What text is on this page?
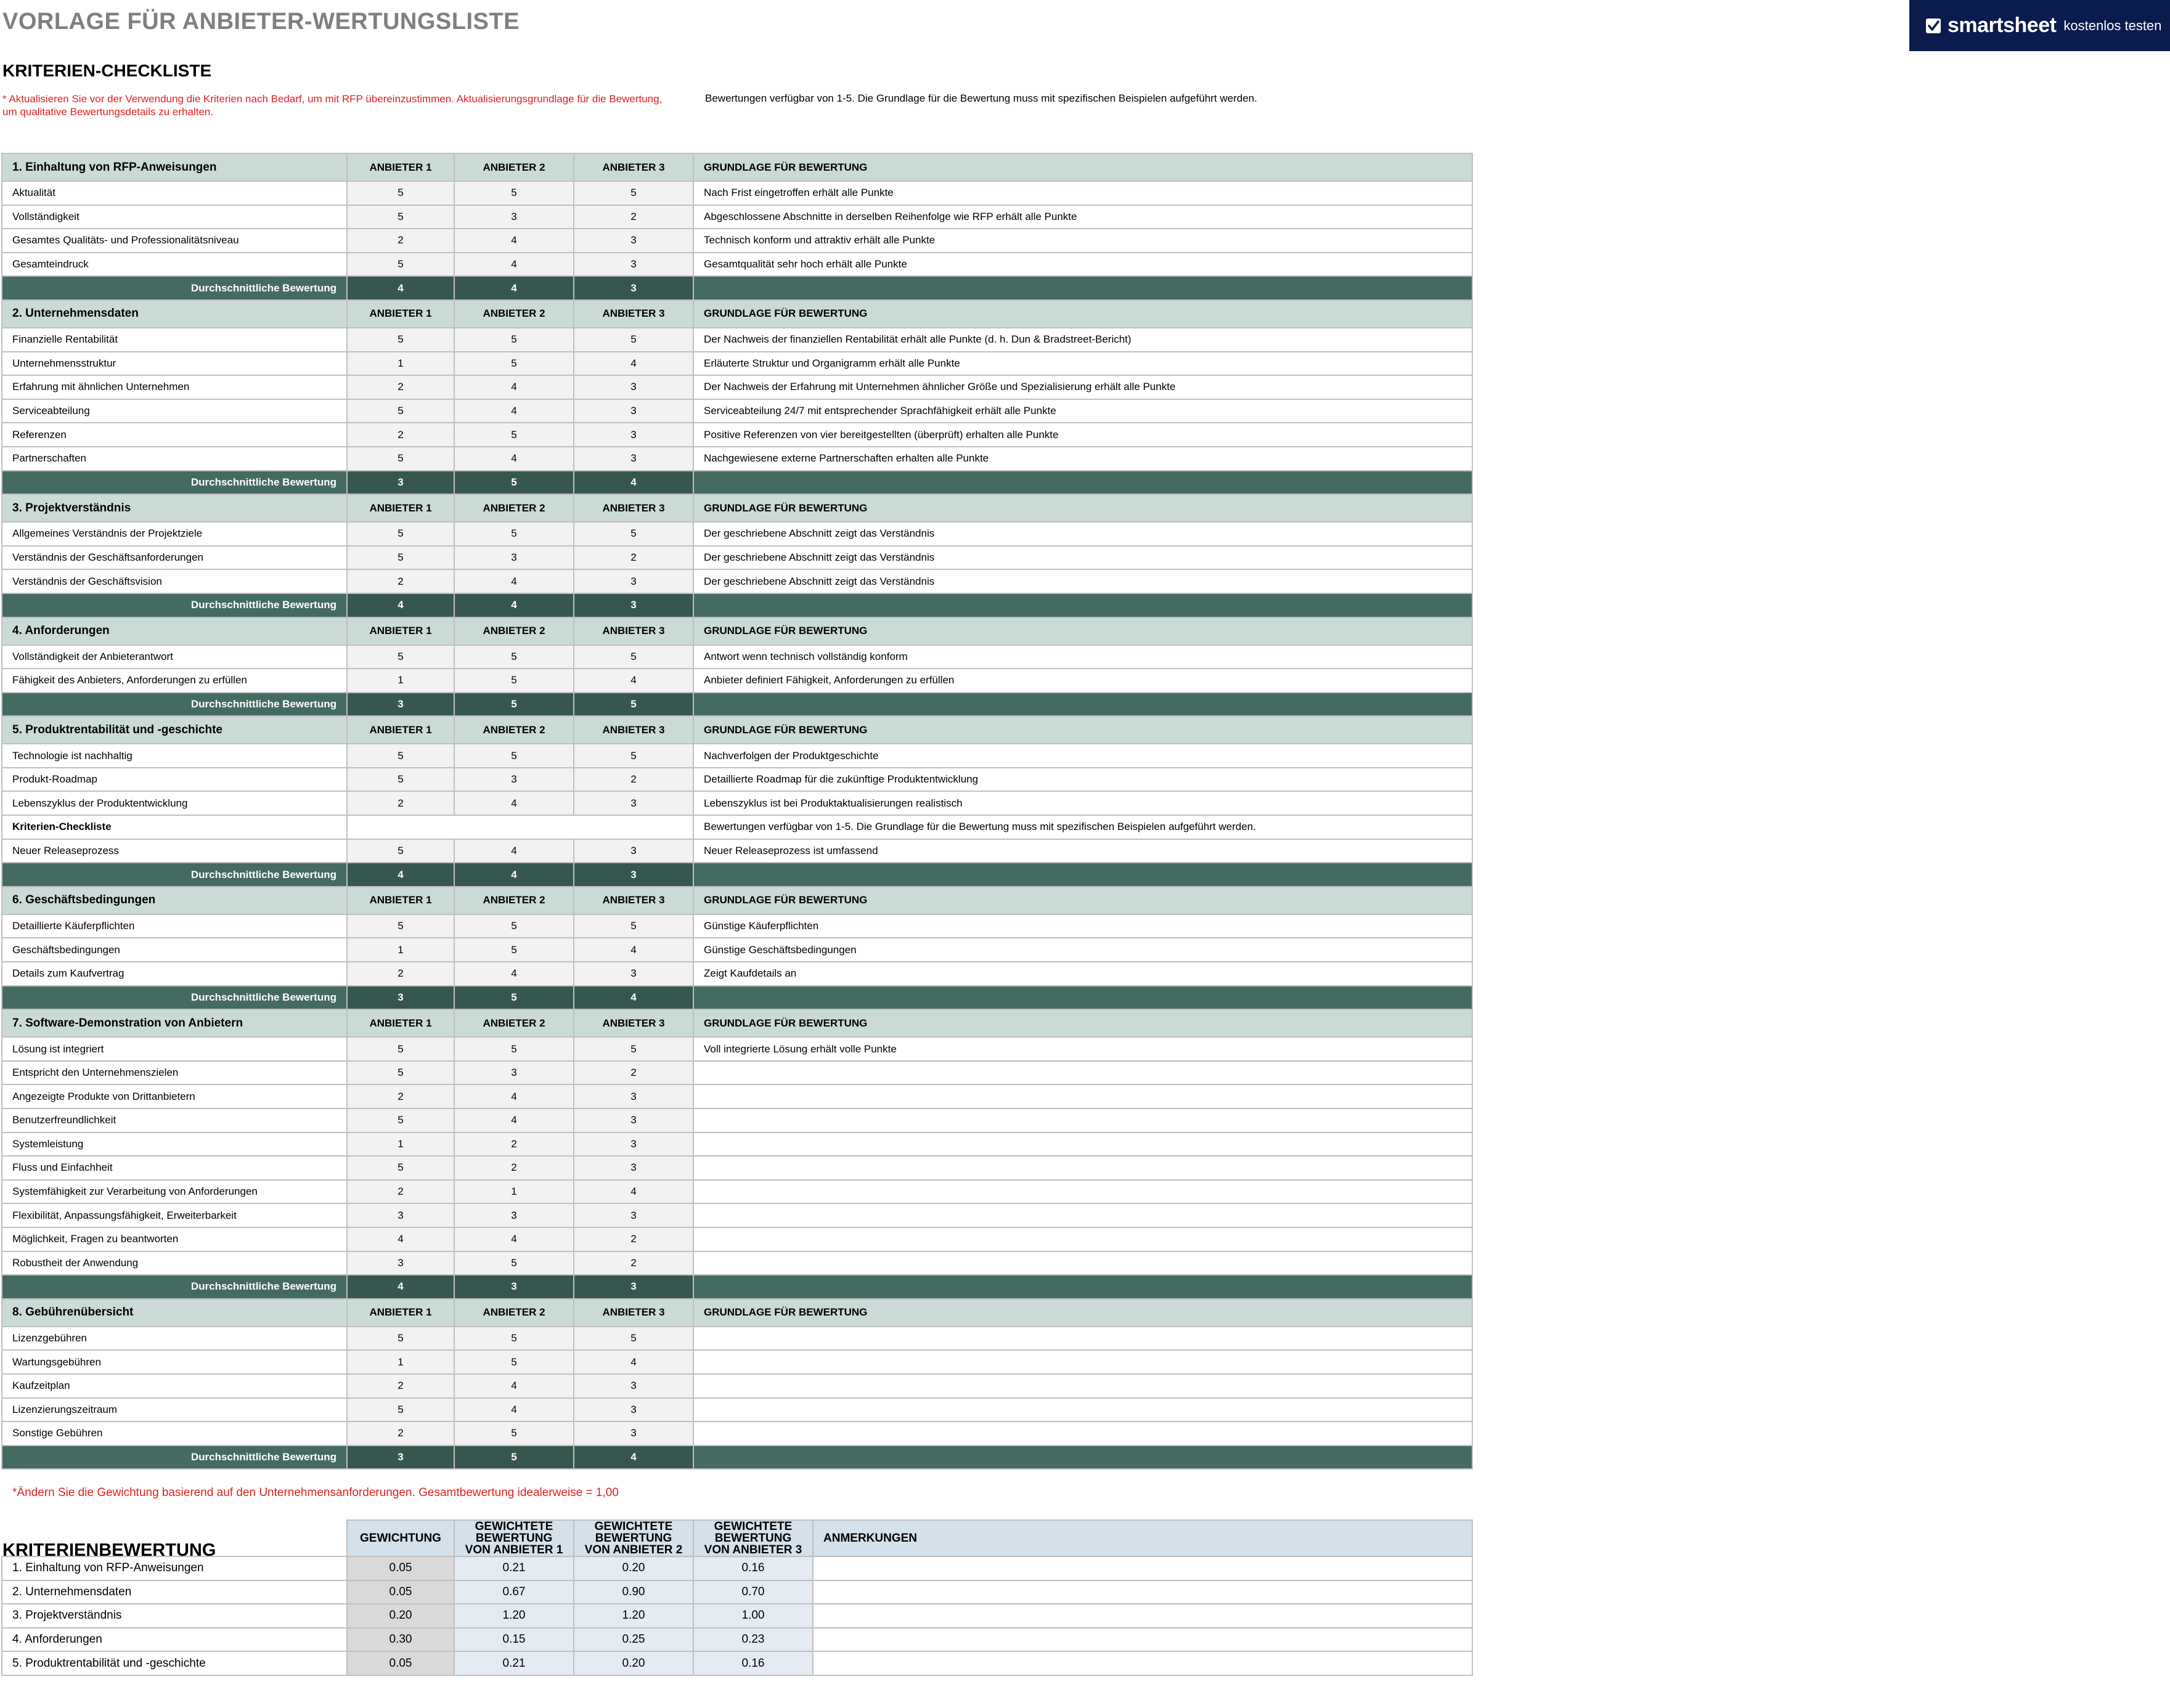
VORLAGE FÜR ANBIETER-WERTUNGSLISTE	smartsheet kostenlos testen
KRITERIEN-CHECKLISTE
* Aktualisieren Sie vor der Verwendung die Kriterien nach Bedarf, um mit RFP übereinzustimmen. Aktualisierungsgrundlage für die Bewertung, um qualitative Bewertungsdetails zu erhalten.
Bewertungen verfügbar von 1-5. Die Grundlage für die Bewertung muss mit spezifischen Beispielen aufgeführt werden.
1. Einhaltung von RFP-Anweisungen	ANBIETER 1	ANBIETER 2	ANBIETER 3	GRUNDLAGE FÜR BEWERTUNG
Aktualität	5	5	5	Nach Frist eingetroffen erhält alle Punkte
Vollständigkeit	5	3	2	Abgeschlossene Abschnitte in derselben Reihenfolge wie RFP erhält alle Punkte
Gesamtes Qualitäts- und Professionalitätsniveau	2	4	3	Technisch konform und attraktiv erhält alle Punkte
Gesamteindruck	5	4	3	Gesamtqualität sehr hoch erhält alle Punkte
Durchschnittliche Bewertung	4	4	3	
2. Unternehmensdaten	ANBIETER 1	ANBIETER 2	ANBIETER 3	GRUNDLAGE FÜR BEWERTUNG
Finanzielle Rentabilität	5	5	5	Der Nachweis der finanziellen Rentabilität erhält alle Punkte (d. h. Dun & Bradstreet-Bericht)
Unternehmensstruktur	1	5	4	Erläuterte Struktur und Organigramm erhält alle Punkte
Erfahrung mit ähnlichen Unternehmen	2	4	3	Der Nachweis der Erfahrung mit Unternehmen ähnlicher Größe und Spezialisierung erhält alle Punkte
Serviceabteilung	5	4	3	Serviceabteilung 24/7 mit entsprechender Sprachfähigkeit erhält alle Punkte
Referenzen	2	5	3	Positive Referenzen von vier bereitgestellten (überprüft) erhalten alle Punkte
Partnerschaften	5	4	3	Nachgewiesene externe Partnerschaften erhalten alle Punkte
Durchschnittliche Bewertung	3	5	4	
3. Projektverständnis	ANBIETER 1	ANBIETER 2	ANBIETER 3	GRUNDLAGE FÜR BEWERTUNG
Allgemeines Verständnis der Projektziele	5	5	5	Der geschriebene Abschnitt zeigt das Verständnis
Verständnis der Geschäftsanforderungen	5	3	2	Der geschriebene Abschnitt zeigt das Verständnis
Verständnis der Geschäftsvision	2	4	3	Der geschriebene Abschnitt zeigt das Verständnis
Durchschnittliche Bewertung	4	4	3	
4. Anforderungen	ANBIETER 1	ANBIETER 2	ANBIETER 3	GRUNDLAGE FÜR BEWERTUNG
Vollständigkeit der Anbieterantwort	5	5	5	Antwort wenn technisch vollständig konform
Fähigkeit des Anbieters, Anforderungen zu erfüllen	1	5	4	Anbieter definiert Fähigkeit, Anforderungen zu erfüllen
Durchschnittliche Bewertung	3	5	5	
5. Produktrentabilität und -geschichte	ANBIETER 1	ANBIETER 2	ANBIETER 3	GRUNDLAGE FÜR BEWERTUNG
Technologie ist nachhaltig	5	5	5	Nachverfolgen der Produktgeschichte
Produkt-Roadmap	5	3	2	Detaillierte Roadmap für die zukünftige Produktentwicklung
Lebenszyklus der Produktentwicklung	2	4	3	Lebenszyklus ist bei Produktaktualisierungen realistisch
Kriterien-Checkliste				Bewertungen verfügbar von 1-5. Die Grundlage für die Bewertung muss mit spezifischen Beispielen aufgeführt werden.
Neuer Releaseprozess	5	4	3	Neuer Releaseprozess ist umfassend
Durchschnittliche Bewertung	4	4	3	
6. Geschäftsbedingungen	ANBIETER 1	ANBIETER 2	ANBIETER 3	GRUNDLAGE FÜR BEWERTUNG
Detaillierte Käuferpflichten	5	5	5	Günstige Käuferpflichten
Geschäftsbedingungen	1	5	4	Günstige Geschäftsbedingungen
Details zum Kaufvertrag	2	4	3	Zeigt Kaufdetails an
Durchschnittliche Bewertung	3	5	4	
7. Software-Demonstration von Anbietern	ANBIETER 1	ANBIETER 2	ANBIETER 3	GRUNDLAGE FÜR BEWERTUNG
Lösung ist integriert	5	5	5	Voll integrierte Lösung erhält volle Punkte
Entspricht den Unternehmenszielen	5	3	2	
Angezeigte Produkte von Drittanbietern	2	4	3	
Benutzerfreundlichkeit	5	4	3	
Systemleistung	1	2	3	
Fluss und Einfachheit	5	2	3	
Systemfähigkeit zur Verarbeitung von Anforderungen	2	1	4	
Flexibilität, Anpassungsfähigkeit, Erweiterbarkeit	3	3	3	
Möglichkeit, Fragen zu beantworten	4	4	2	
Robustheit der Anwendung	3	5	2	
Durchschnittliche Bewertung	4	3	3	
8. Gebührenübersicht	ANBIETER 1	ANBIETER 2	ANBIETER 3	GRUNDLAGE FÜR BEWERTUNG
Lizenzgebühren	5	5	5	
Wartungsgebühren	1	5	4	
Kaufzeitplan	2	4	3	
Lizenzierungszeitraum	5	4	3	
Sonstige Gebühren	2	5	3	
Durchschnittliche Bewertung	3	5	4	
*Ändern Sie die Gewichtung basierend auf den Unternehmensanforderungen. Gesamtbewertung idealerweise = 1,00
	GEWICHTUNG	GEWICHTETE BEWERTUNG VON ANBIETER 1	GEWICHTETE BEWERTUNG VON ANBIETER 2	GEWICHTETE BEWERTUNG VON ANBIETER 3	ANMERKUNGEN
1. Einhaltung von RFP-Anweisungen	0.05	0.21	0.20	0.16	
2. Unternehmensdaten	0.05	0.67	0.90	0.70	
3. Projektverständnis	0.20	1.20	1.20	1.00	
4. Anforderungen	0.30	0.15	0.25	0.23	
5. Produktrentabilität und -geschichte	0.05	0.21	0.20	0.16	
KRITERIENBEWERTUNG
